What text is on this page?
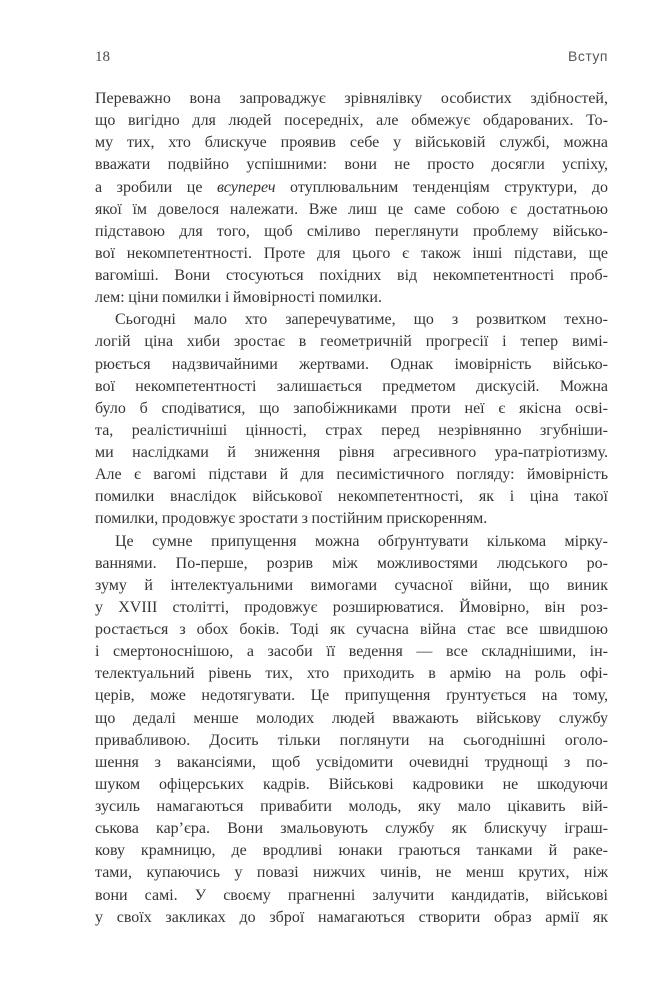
18	Вступ
Переважно вона запроваджує зрівнялівку особистих здібностей,
що вигідно для людей посередніх, але обмежує обдарованих. То-
му тих, хто блискуче проявив себе у військовій службі, можна
вважати подвійно успішними: вони не просто досягли успіху,
а зробили це всупереч отуплювальним тенденціям структури, до
якої їм довелося належати. Вже лиш це саме собою є достатньою
підставою для того, щоб сміливо переглянути проблему військо-
вої некомпетентності. Проте для цього є також інші підстави, ще
вагоміші. Вони стосуються похідних від некомпетентності проб-
лем: ціни помилки і ймовірності помилки.
Сьогодні мало хто заперечуватиме, що з розвитком техно-
логій ціна хиби зростає в геометричній прогресії і тепер вимі-
рюється надзвичайними жертвами. Однак імовірність військо-
вої некомпетентності залишається предметом дискусій. Можна
було б сподіватися, що запобіжниками проти неї є якісна осві-
та, реалістичніші цінності, страх перед незрівнянно згубніши-
ми наслідками й зниження рівня агресивного ура-патріотизму.
Але є вагомі підстави й для песимістичного погляду: ймовірність
помилки внаслідок військової некомпетентності, як і ціна такої
помилки, продовжує зростати з постійним прискоренням.
Це сумне припущення можна обґрунтувати кількома мірку-
ваннями. По-перше, розрив між можливостями людського ро-
зуму й інтелектуальними вимогами сучасної війни, що виник
у XVIII столітті, продовжує розширюватися. Ймовірно, він роз-
ростається з обох боків. Тоді як сучасна війна стає все швидшою
і смертоноснішою, а засоби її ведення — все складнішими, ін-
телектуальний рівень тих, хто приходить в армію на роль офі-
церів, може недотягувати. Це припущення ґрунтується на тому,
що дедалі менше молодих людей вважають військову службу
привабливою. Досить тільки поглянути на сьогоднішні оголо-
шення з вакансіями, щоб усвідомити очевидні труднощі з по-
шуком офіцерських кадрів. Військові кадровики не шкодуючи
зусиль намагаються привабити молодь, яку мало цікавить вій-
ськова кар’єра. Вони змальовують службу як блискучу іграш-
кову крамницю, де вродливі юнаки граються танками й раке-
тами, купаючись у повазі нижчих чинів, не менш крутих, ніж
вони самі. У своєму прагненні залучити кандидатів, військові
у своїх закликах до зброї намагаються створити образ армії як
